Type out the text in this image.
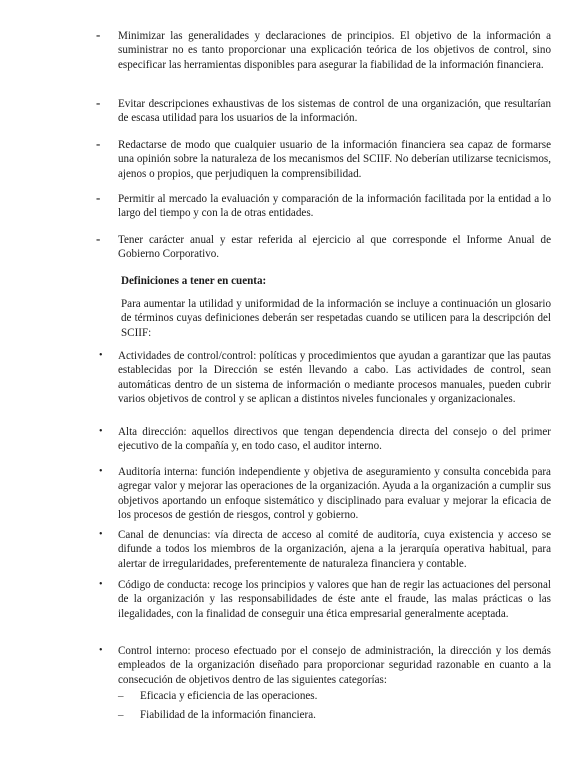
-	Minimizar las generalidades y declaraciones de principios. El objetivo de la información a suministrar no es tanto proporcionar una explicación teórica de los objetivos de control, sino especificar las herramientas disponibles para asegurar la fiabilidad de la información financiera.
-	Evitar descripciones exhaustivas de los sistemas de control de una organización, que resultarían de escasa utilidad para los usuarios de la información.
-	Redactarse de modo que cualquier usuario de la información financiera sea capaz de formarse una opinión sobre la naturaleza de los mecanismos del SCIIF. No deberían utilizarse tecnicismos, ajenos o propios, que perjudiquen la comprensibilidad.
-	Permitir al mercado la evaluación y comparación de la información facilitada por la entidad a lo largo del tiempo y con la de otras entidades.
-	Tener carácter anual y estar referida al ejercicio al que corresponde el Informe Anual de Gobierno Corporativo.
Definiciones a tener en cuenta:
Para aumentar la utilidad y uniformidad de la información se incluye a continuación un glosario de términos cuyas definiciones deberán ser respetadas cuando se utilicen para la descripción del SCIIF:
•	Actividades de control/control: políticas y procedimientos que ayudan a garantizar que las pautas establecidas por la Dirección se estén llevando a cabo. Las actividades de control, sean automáticas dentro de un sistema de información o mediante procesos manuales, pueden cubrir varios objetivos de control y se aplican a distintos niveles funcionales y organizacionales.
•	Alta dirección: aquellos directivos que tengan dependencia directa del consejo o del primer ejecutivo de la compañía y, en todo caso, el auditor interno.
•	Auditoría interna: función independiente y objetiva de aseguramiento y consulta concebida para agregar valor y mejorar las operaciones de la organización. Ayuda a la organización a cumplir sus objetivos aportando un enfoque sistemático y disciplinado para evaluar y mejorar la eficacia de los procesos de gestión de riesgos, control y gobierno.
•	Canal de denuncias: vía directa de acceso al comité de auditoría, cuya existencia y acceso se difunde a todos los miembros de la organización, ajena a la jerarquía operativa habitual, para alertar de irregularidades, preferentemente de naturaleza financiera y contable.
•	Código de conducta: recoge los principios y valores que han de regir las actuaciones del personal de la organización y las responsabilidades de éste ante el fraude, las malas prácticas o las ilegalidades, con la finalidad de conseguir una ética empresarial generalmente aceptada.
•	Control interno: proceso efectuado por el consejo de administración, la dirección y los demás empleados de la organización diseñado para proporcionar seguridad razonable en cuanto a la consecución de objetivos dentro de las siguientes categorías:
–	Eficacia y eficiencia de las operaciones.
–	Fiabilidad de la información financiera.
